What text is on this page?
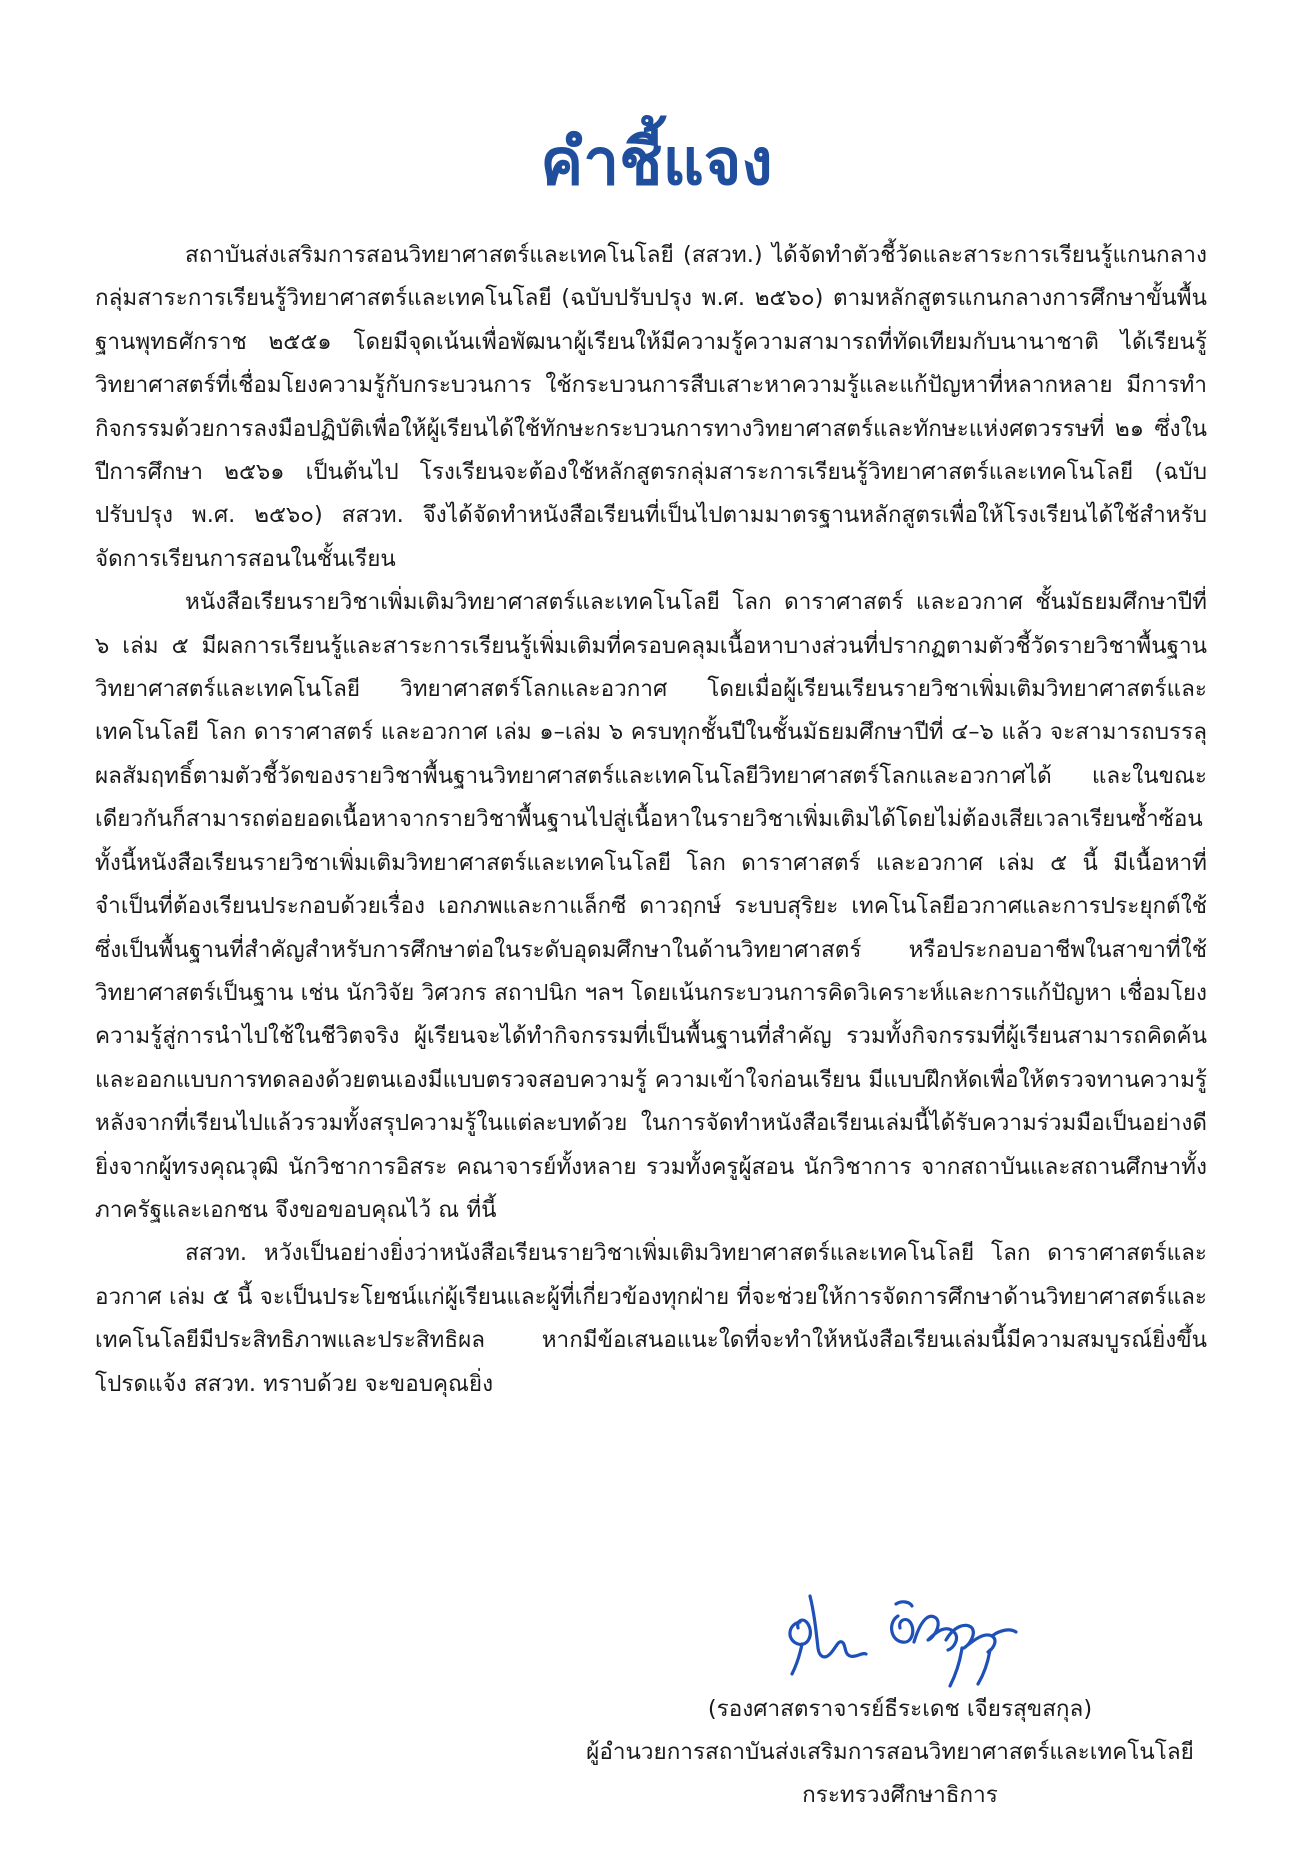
คำชี้แจง

สถาบันส่งเสริมการสอนวิทยาศาสตร์และเทคโนโลยี (สสวท.) ได้จัดทำตัวชี้วัดและสาระการเรียนรู้แกนกลาง กลุ่มสาระการเรียนรู้วิทยาศาสตร์และเทคโนโลยี (ฉบับปรับปรุง พ.ศ. ๒๕๖๐) ตามหลักสูตรแกนกลางการศึกษาขั้นพื้นฐานพุทธศักราช ๒๕๕๑ โดยมีจุดเน้นเพื่อพัฒนาผู้เรียนให้มีความรู้ความสามารถที่ทัดเทียมกับนานาชาติ ได้เรียนรู้วิทยาศาสตร์ที่เชื่อมโยงความรู้กับกระบวนการ ใช้กระบวนการสืบเสาะหาความรู้และแก้ปัญหาที่หลากหลาย มีการทำกิจกรรมด้วยการลงมือปฏิบัติเพื่อให้ผู้เรียนได้ใช้ทักษะกระบวนการทางวิทยาศาสตร์และทักษะแห่งศตวรรษที่ ๒๑ ซึ่งในปีการศึกษา ๒๕๖๑ เป็นต้นไป โรงเรียนจะต้องใช้หลักสูตรกลุ่มสาระการเรียนรู้วิทยาศาสตร์และเทคโนโลยี (ฉบับปรับปรุง พ.ศ. ๒๕๖๐) สสวท. จึงได้จัดทำหนังสือเรียนที่เป็นไปตามมาตรฐานหลักสูตรเพื่อให้โรงเรียนได้ใช้สำหรับจัดการเรียนการสอนในชั้นเรียน

หนังสือเรียนรายวิชาเพิ่มเติมวิทยาศาสตร์และเทคโนโลยี โลก ดาราศาสตร์ และอวกาศ ชั้นมัธยมศึกษาปีที่ ๖ เล่ม ๕ มีผลการเรียนรู้และสาระการเรียนรู้เพิ่มเติมที่ครอบคลุมเนื้อหาบางส่วนที่ปรากฏตามตัวชี้วัดรายวิชาพื้นฐานวิทยาศาสตร์และเทคโนโลยี วิทยาศาสตร์โลกและอวกาศ โดยเมื่อผู้เรียนเรียนรายวิชาเพิ่มเติมวิทยาศาสตร์และเทคโนโลยี โลก ดาราศาสตร์ และอวกาศ เล่ม ๑–เล่ม ๖ ครบทุกชั้นปีในชั้นมัธยมศึกษาปีที่ ๔–๖ แล้ว จะสามารถบรรลุผลสัมฤทธิ์ตามตัวชี้วัดของรายวิชาพื้นฐานวิทยาศาสตร์และเทคโนโลยีวิทยาศาสตร์โลกและอวกาศได้ และในขณะเดียวกันก็สามารถต่อยอดเนื้อหาจากรายวิชาพื้นฐานไปสู่เนื้อหาในรายวิชาเพิ่มเติมได้โดยไม่ต้องเสียเวลาเรียนซ้ำซ้อน ทั้งนี้หนังสือเรียนรายวิชาเพิ่มเติมวิทยาศาสตร์และเทคโนโลยี โลก ดาราศาสตร์ และอวกาศ เล่ม ๕ นี้ มีเนื้อหาที่จำเป็นที่ต้องเรียนประกอบด้วยเรื่อง เอกภพและกาแล็กซี ดาวฤกษ์ ระบบสุริยะ เทคโนโลยีอวกาศและการประยุกต์ใช้ ซึ่งเป็นพื้นฐานที่สำคัญสำหรับการศึกษาต่อในระดับอุดมศึกษาในด้านวิทยาศาสตร์ หรือประกอบอาชีพในสาขาที่ใช้วิทยาศาสตร์เป็นฐาน เช่น นักวิจัย วิศวกร สถาปนิก ฯลฯ โดยเน้นกระบวนการคิดวิเคราะห์และการแก้ปัญหา เชื่อมโยงความรู้สู่การนำไปใช้ในชีวิตจริง ผู้เรียนจะได้ทำกิจกรรมที่เป็นพื้นฐานที่สำคัญ รวมทั้งกิจกรรมที่ผู้เรียนสามารถคิดค้นและออกแบบการทดลองด้วยตนเองมีแบบตรวจสอบความรู้ ความเข้าใจก่อนเรียน มีแบบฝึกหัดเพื่อให้ตรวจทานความรู้หลังจากที่เรียนไปแล้วรวมทั้งสรุปความรู้ในแต่ละบทด้วย ในการจัดทำหนังสือเรียนเล่มนี้ได้รับความร่วมมือเป็นอย่างดียิ่งจากผู้ทรงคุณวุฒิ นักวิชาการอิสระ คณาจารย์ทั้งหลาย รวมทั้งครูผู้สอน นักวิชาการ จากสถาบันและสถานศึกษาทั้งภาครัฐและเอกชน จึงขอขอบคุณไว้ ณ ที่นี้

สสวท. หวังเป็นอย่างยิ่งว่าหนังสือเรียนรายวิชาเพิ่มเติมวิทยาศาสตร์และเทคโนโลยี โลก ดาราศาสตร์และอวกาศ เล่ม ๕ นี้ จะเป็นประโยชน์แก่ผู้เรียนและผู้ที่เกี่ยวข้องทุกฝ่าย ที่จะช่วยให้การจัดการศึกษาด้านวิทยาศาสตร์และเทคโนโลยีมีประสิทธิภาพและประสิทธิผล หากมีข้อเสนอแนะใดที่จะทำให้หนังสือเรียนเล่มนี้มีความสมบูรณ์ยิ่งขึ้น โปรดแจ้ง สสวท. ทราบด้วย จะขอบคุณยิ่ง

(รองศาสตราจารย์ธีระเดช เจียรสุขสกุล)

ผู้อำนวยการสถาบันส่งเสริมการสอนวิทยาศาสตร์และเทคโนโลยี

กระทรวงศึกษาธิการ
